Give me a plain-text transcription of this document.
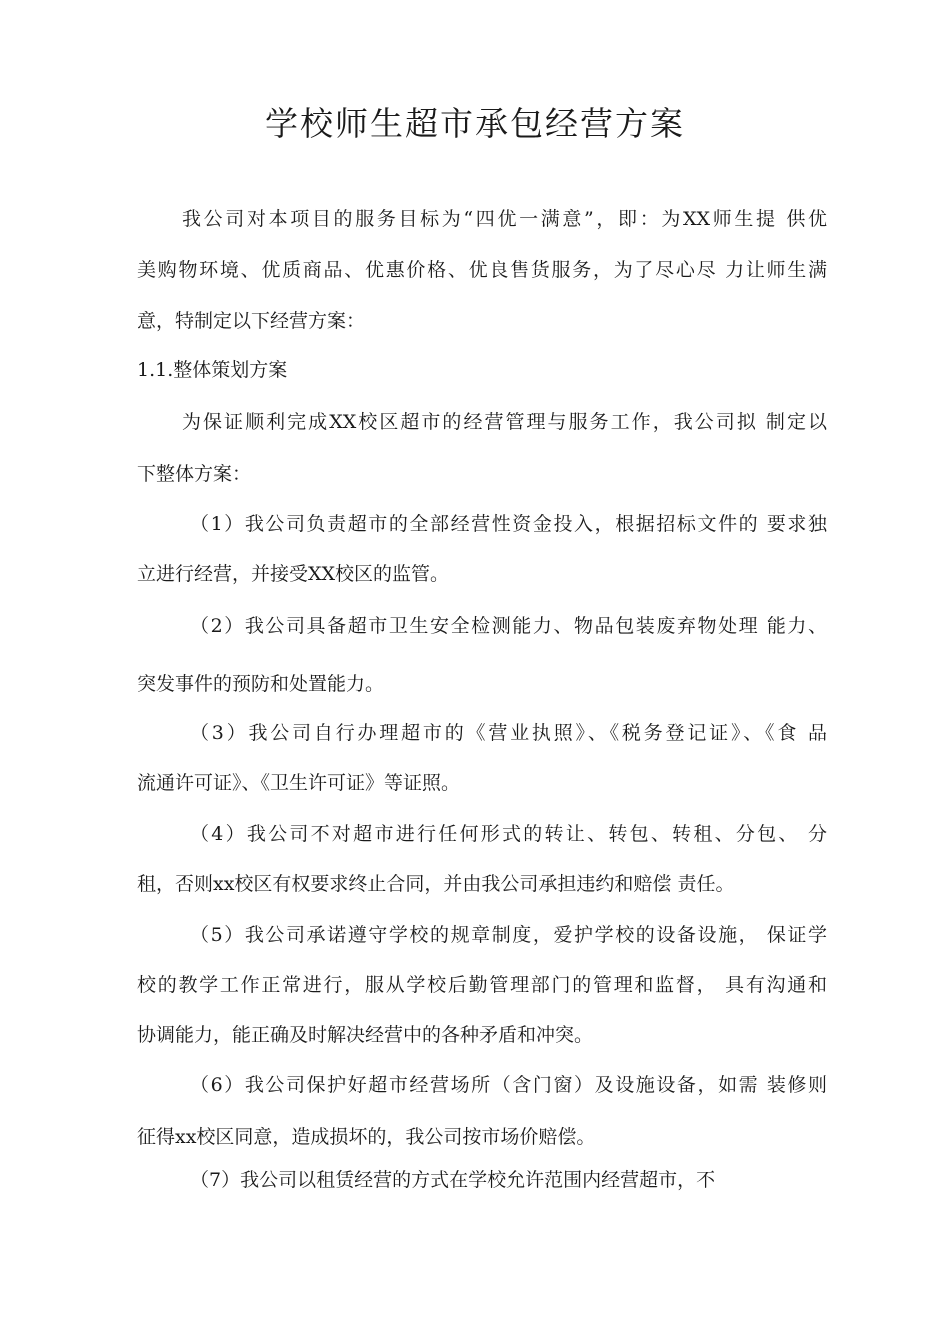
学校师生超市承包经营方案

我公司对本项目的服务目标为“四优一满意”，即：为XX师生提 供优

美购物环境、优质商品、优惠价格、优良售货服务，为了尽心尽 力让师生满

意，特制定以下经营方案：

1.1.整体策划方案

为保证顺利完成XX校区超市的经营管理与服务工作，我公司拟 制定以

下整体方案：

（1）我公司负责超市的全部经营性资金投入，根据招标文件的 要求独

立进行经营，并接受XX校区的监管。

（2）我公司具备超市卫生安全检测能力、物品包装废弃物处理 能力、

突发事件的预防和处置能力。

（3）我公司自行办理超市的《营业执照》、《税务登记证》、《食 品

流通许可证》、《卫生许可证》等证照。

（4）我公司不对超市进行任何形式的转让、转包、转租、分包、 分

租，否则xx校区有权要求终止合同，并由我公司承担违约和赔偿 责任。

（5）我公司承诺遵守学校的规章制度，爱护学校的设备设施， 保证学

校的教学工作正常进行，服从学校后勤管理部门的管理和监督， 具有沟通和

协调能力，能正确及时解决经营中的各种矛盾和冲突。

（6）我公司保护好超市经营场所（含门窗）及设施设备，如需 装修则

征得xx校区同意，造成损坏的，我公司按市场价赔偿。

（7）我公司以租赁经营的方式在学校允许范围内经营超市，不
